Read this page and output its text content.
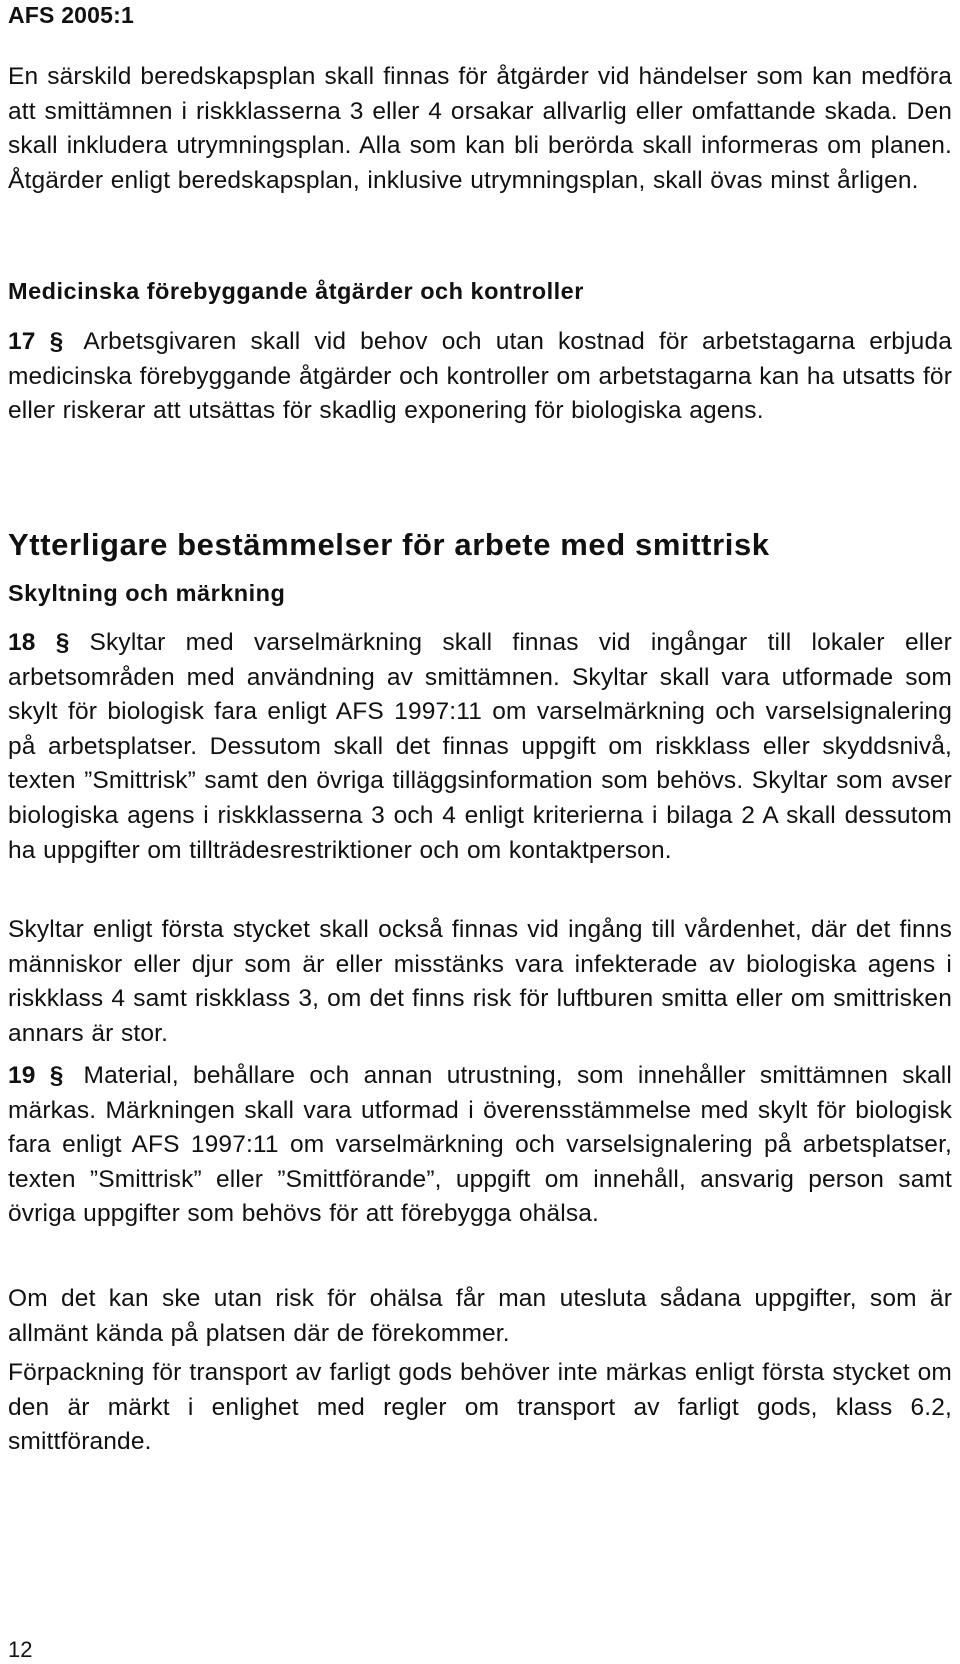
AFS 2005:1

En särskild beredskapsplan skall finnas för åtgärder vid händelser som kan medföra att smittämnen i riskklasserna 3 eller 4 orsakar allvarlig eller omfattande skada. Den skall inkludera utrymningsplan. Alla som kan bli berörda skall informeras om planen. Åtgärder enligt beredskapsplan, inklusive utrymningsplan, skall övas minst årligen.

Medicinska förebyggande åtgärder och kontroller

17 § Arbetsgivaren skall vid behov och utan kostnad för arbetstagarna erbjuda medicinska förebyggande åtgärder och kontroller om arbetstagarna kan ha utsatts för eller riskerar att utsättas för skadlig exponering för biologiska agens.

Ytterligare bestämmelser för arbete med smittrisk
Skyltning och märkning

18 § Skyltar med varselmärkning skall finnas vid ingångar till lokaler eller arbetsområden med användning av smittämnen. Skyltar skall vara utformade som skylt för biologisk fara enligt AFS 1997:11 om varselmärkning och varselsignalering på arbetsplatser. Dessutom skall det finnas uppgift om riskklass eller skyddsnivå, texten ”Smittrisk” samt den övriga tilläggsinformation som behövs. Skyltar som avser biologiska agens i riskklasserna 3 och 4 enligt kriterierna i bilaga 2 A skall dessutom ha uppgifter om tillträdesrestriktioner och om kontaktperson.

Skyltar enligt första stycket skall också finnas vid ingång till vårdenhet, där det finns människor eller djur som är eller misstänks vara infekterade av biologiska agens i riskklass 4 samt riskklass 3, om det finns risk för luftburen smitta eller om smittrisken annars är stor.

19 § Material, behållare och annan utrustning, som innehåller smittämnen skall märkas. Märkningen skall vara utformad i överensstämmelse med skylt för biologisk fara enligt AFS 1997:11 om varselmärkning och varselsignalering på arbetsplatser, texten ”Smittrisk” eller ”Smittförande”, uppgift om innehåll, ansvarig person samt övriga uppgifter som behövs för att förebygga ohälsa.

Om det kan ske utan risk för ohälsa får man utesluta sådana uppgifter, som är allmänt kända på platsen där de förekommer.

Förpackning för transport av farligt gods behöver inte märkas enligt första stycket om den är märkt i enlighet med regler om transport av farligt gods, klass 6.2, smittförande.

12
